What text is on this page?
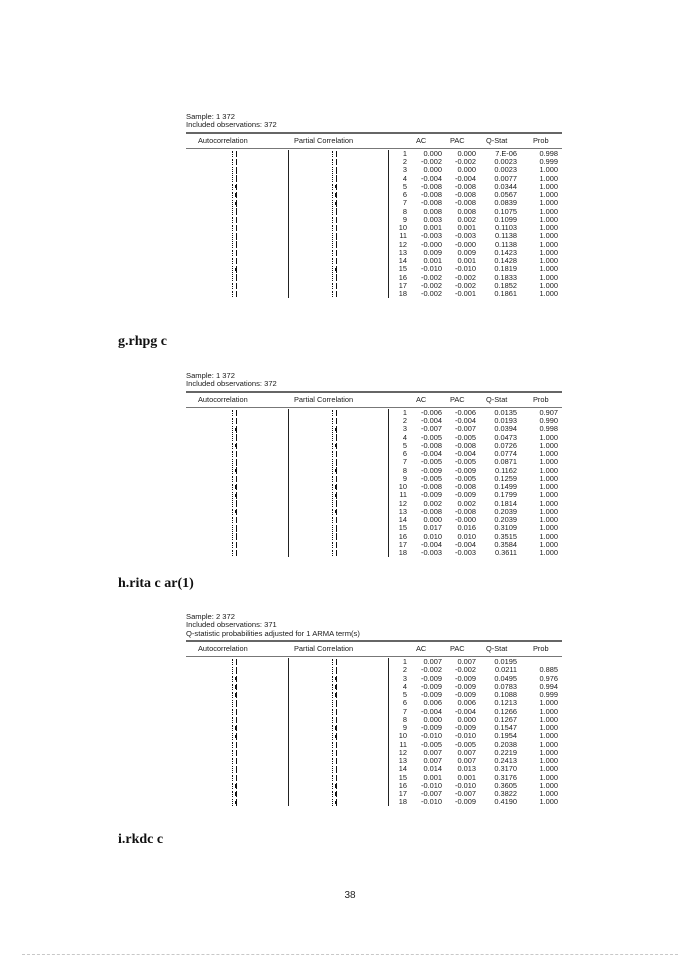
Sample: 1 372
Included observations: 372
Autocorrelation	Partial Correlation	AC	PAC	Q-Stat	Prob
1	0.000	0.000	7.E-06	0.998
2	-0.002	-0.002	0.0023	0.999
3	0.000	0.000	0.0023	1.000
4	-0.004	-0.004	0.0077	1.000
5	-0.008	-0.008	0.0344	1.000
6	-0.008	-0.008	0.0567	1.000
7	-0.008	-0.008	0.0839	1.000
8	0.008	0.008	0.1075	1.000
9	0.003	0.002	0.1099	1.000
10	0.001	0.001	0.1103	1.000
11	-0.003	-0.003	0.1138	1.000
12	-0.000	-0.000	0.1138	1.000
13	0.009	0.009	0.1423	1.000
14	0.001	0.001	0.1428	1.000
15	-0.010	-0.010	0.1819	1.000
16	-0.002	-0.002	0.1833	1.000
17	-0.002	-0.002	0.1852	1.000
18	-0.002	-0.001	0.1861	1.000
g.rhpg c
Sample: 1 372
Included observations: 372
Autocorrelation	Partial Correlation	AC	PAC	Q-Stat	Prob
1	-0.006	-0.006	0.0135	0.907
2	-0.004	-0.004	0.0193	0.990
3	-0.007	-0.007	0.0394	0.998
4	-0.005	-0.005	0.0473	1.000
5	-0.008	-0.008	0.0726	1.000
6	-0.004	-0.004	0.0774	1.000
7	-0.005	-0.005	0.0871	1.000
8	-0.009	-0.009	0.1162	1.000
9	-0.005	-0.005	0.1259	1.000
10	-0.008	-0.008	0.1499	1.000
11	-0.009	-0.009	0.1799	1.000
12	0.002	0.002	0.1814	1.000
13	-0.008	-0.008	0.2039	1.000
14	0.000	-0.000	0.2039	1.000
15	0.017	0.016	0.3109	1.000
16	0.010	0.010	0.3515	1.000
17	-0.004	-0.004	0.3584	1.000
18	-0.003	-0.003	0.3611	1.000
h.rita c ar(1)
Sample: 2 372
Included observations: 371
Q-statistic probabilities adjusted for 1 ARMA term(s)
Autocorrelation	Partial Correlation	AC	PAC	Q-Stat	Prob
1	0.007	0.007	0.0195
2	-0.002	-0.002	0.0211	0.885
3	-0.009	-0.009	0.0495	0.976
4	-0.009	-0.009	0.0783	0.994
5	-0.009	-0.009	0.1088	0.999
6	0.006	0.006	0.1213	1.000
7	-0.004	-0.004	0.1266	1.000
8	0.000	0.000	0.1267	1.000
9	-0.009	-0.009	0.1547	1.000
10	-0.010	-0.010	0.1954	1.000
11	-0.005	-0.005	0.2038	1.000
12	0.007	0.007	0.2219	1.000
13	0.007	0.007	0.2413	1.000
14	0.014	0.013	0.3170	1.000
15	0.001	0.001	0.3176	1.000
16	-0.010	-0.010	0.3605	1.000
17	-0.007	-0.007	0.3822	1.000
18	-0.010	-0.009	0.4190	1.000
i.rkdc c
38
